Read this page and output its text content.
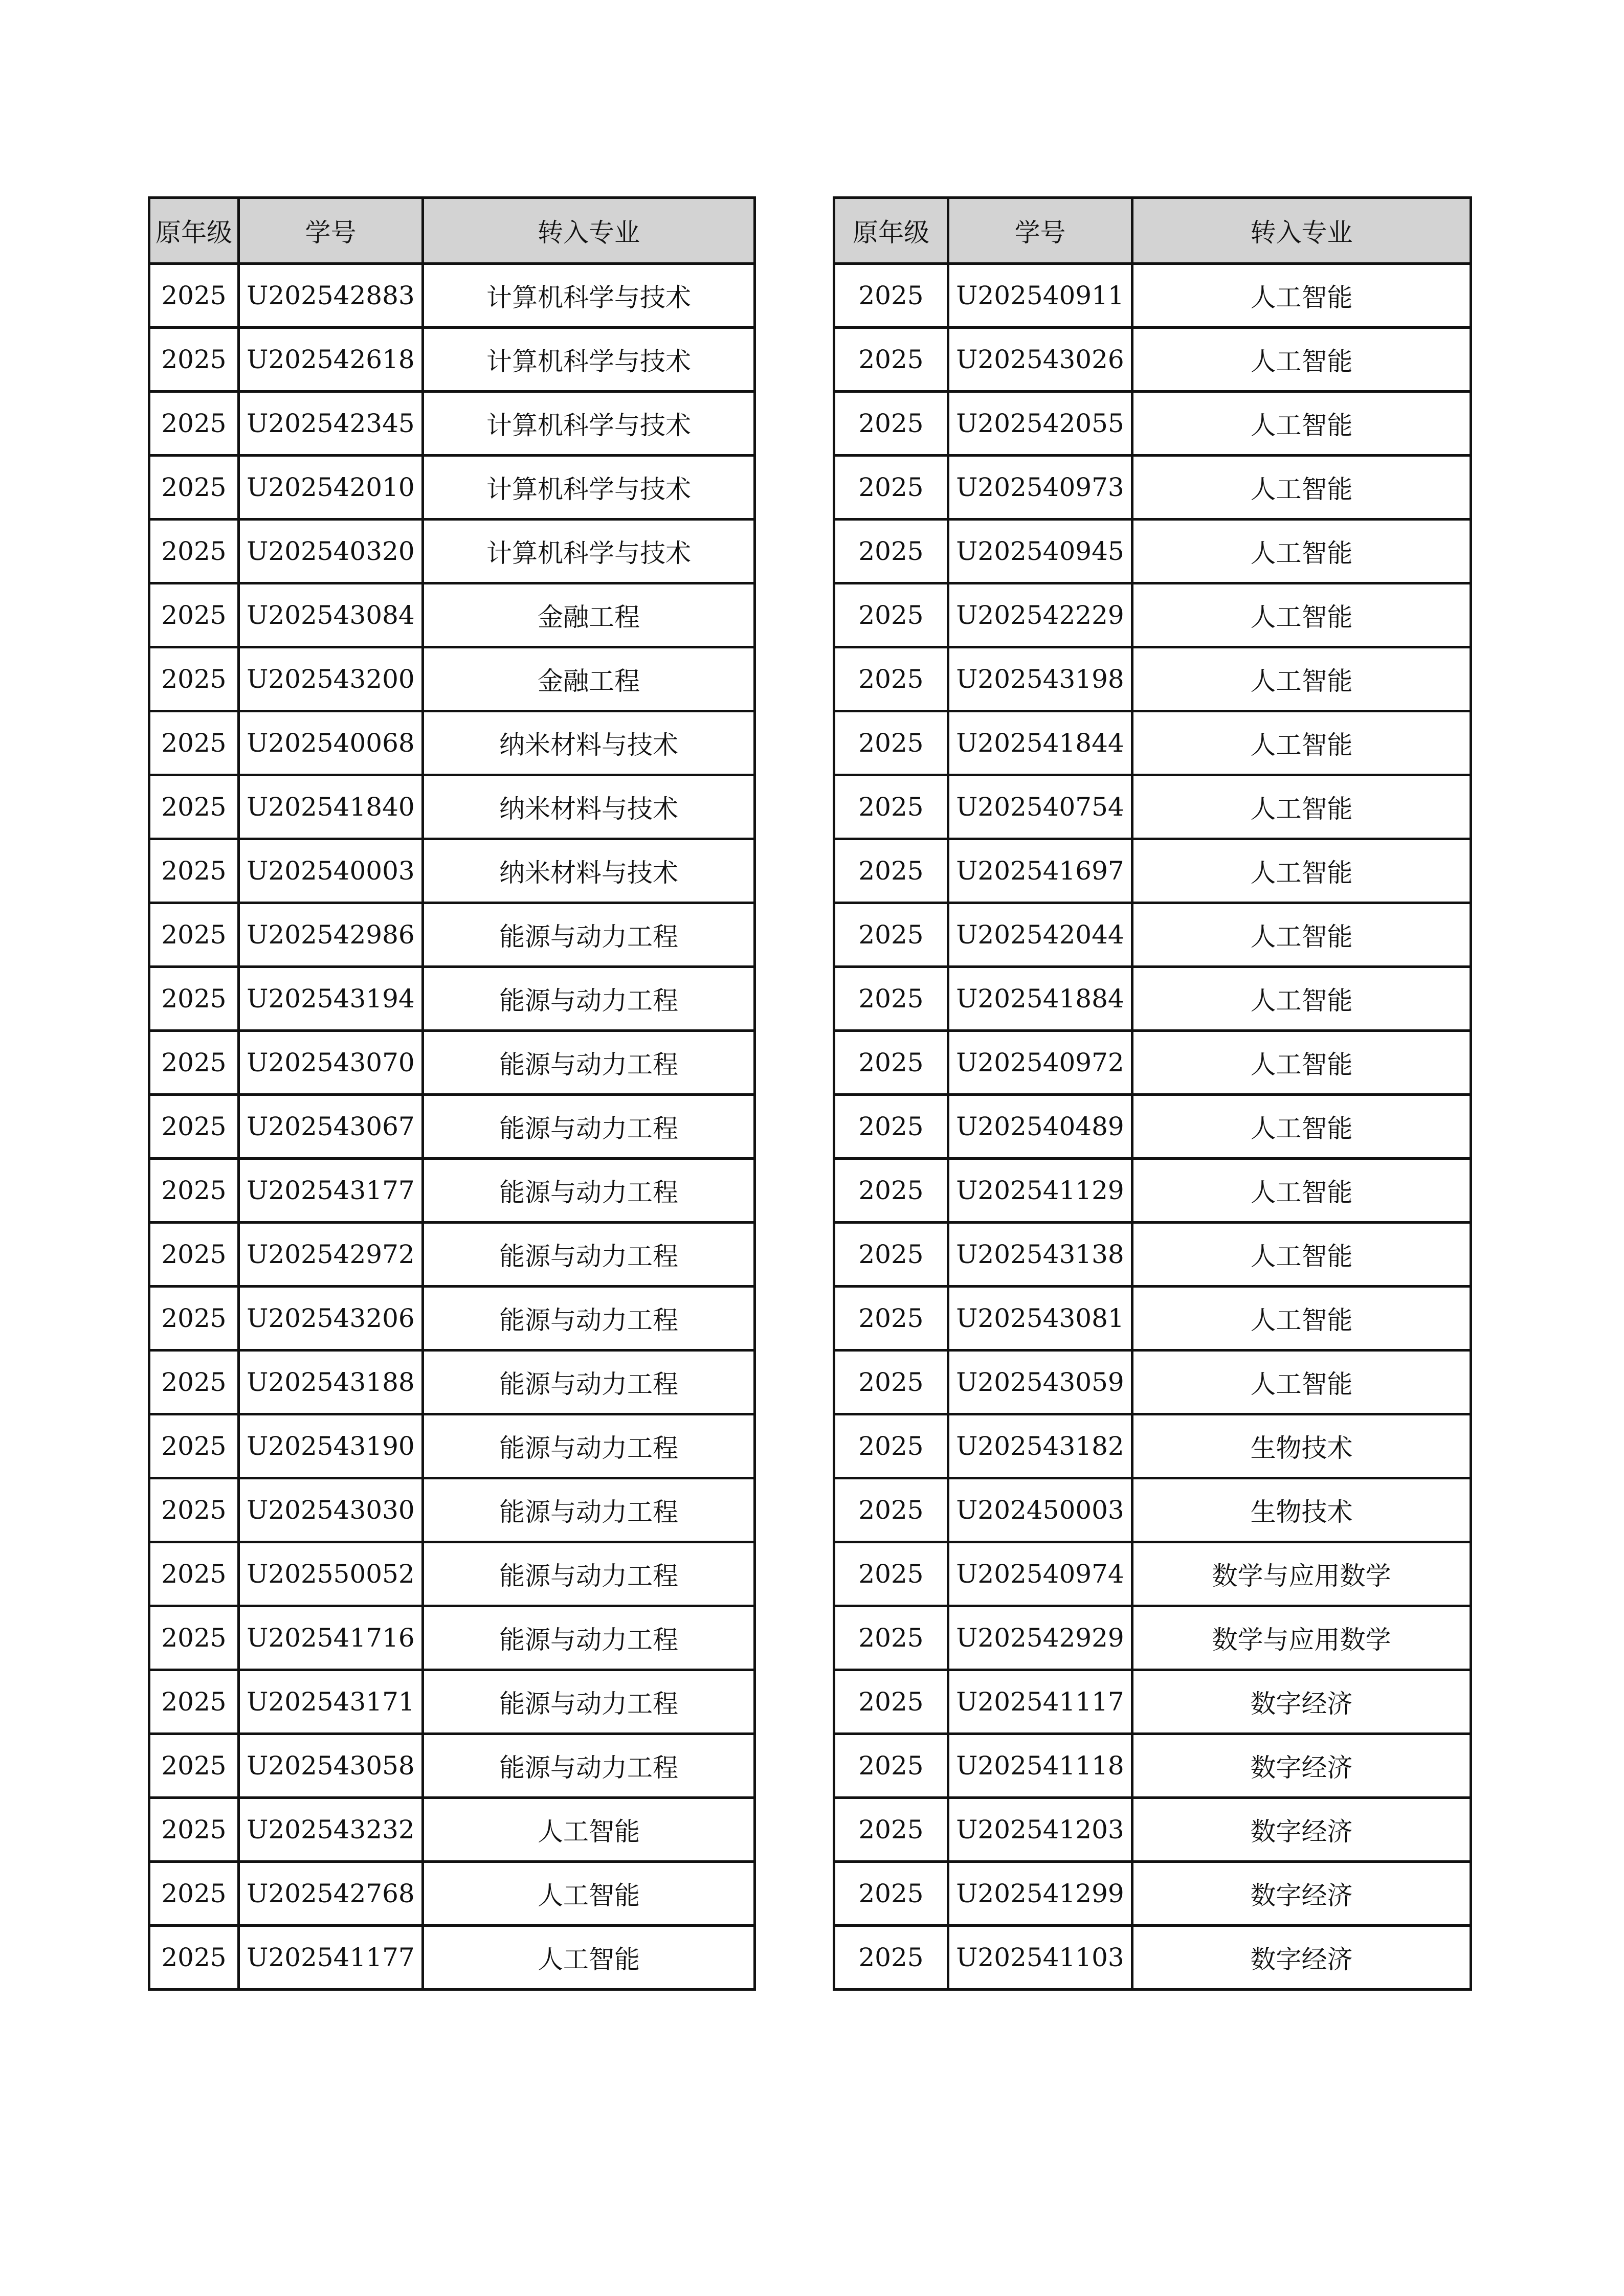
原年级	学号	转入专业
2025	U202542883	计算机科学与技术
2025	U202542618	计算机科学与技术
2025	U202542345	计算机科学与技术
2025	U202542010	计算机科学与技术
2025	U202540320	计算机科学与技术
2025	U202543084	金融工程
2025	U202543200	金融工程
2025	U202540068	纳米材料与技术
2025	U202541840	纳米材料与技术
2025	U202540003	纳米材料与技术
2025	U202542986	能源与动力工程
2025	U202543194	能源与动力工程
2025	U202543070	能源与动力工程
2025	U202543067	能源与动力工程
2025	U202543177	能源与动力工程
2025	U202542972	能源与动力工程
2025	U202543206	能源与动力工程
2025	U202543188	能源与动力工程
2025	U202543190	能源与动力工程
2025	U202543030	能源与动力工程
2025	U202550052	能源与动力工程
2025	U202541716	能源与动力工程
2025	U202543171	能源与动力工程
2025	U202543058	能源与动力工程
2025	U202543232	人工智能
2025	U202542768	人工智能
2025	U202541177	人工智能
原年级	学号	转入专业
2025	U202540911	人工智能
2025	U202543026	人工智能
2025	U202542055	人工智能
2025	U202540973	人工智能
2025	U202540945	人工智能
2025	U202542229	人工智能
2025	U202543198	人工智能
2025	U202541844	人工智能
2025	U202540754	人工智能
2025	U202541697	人工智能
2025	U202542044	人工智能
2025	U202541884	人工智能
2025	U202540972	人工智能
2025	U202540489	人工智能
2025	U202541129	人工智能
2025	U202543138	人工智能
2025	U202543081	人工智能
2025	U202543059	人工智能
2025	U202543182	生物技术
2025	U202450003	生物技术
2025	U202540974	数学与应用数学
2025	U202542929	数学与应用数学
2025	U202541117	数字经济
2025	U202541118	数字经济
2025	U202541203	数字经济
2025	U202541299	数字经济
2025	U202541103	数字经济
